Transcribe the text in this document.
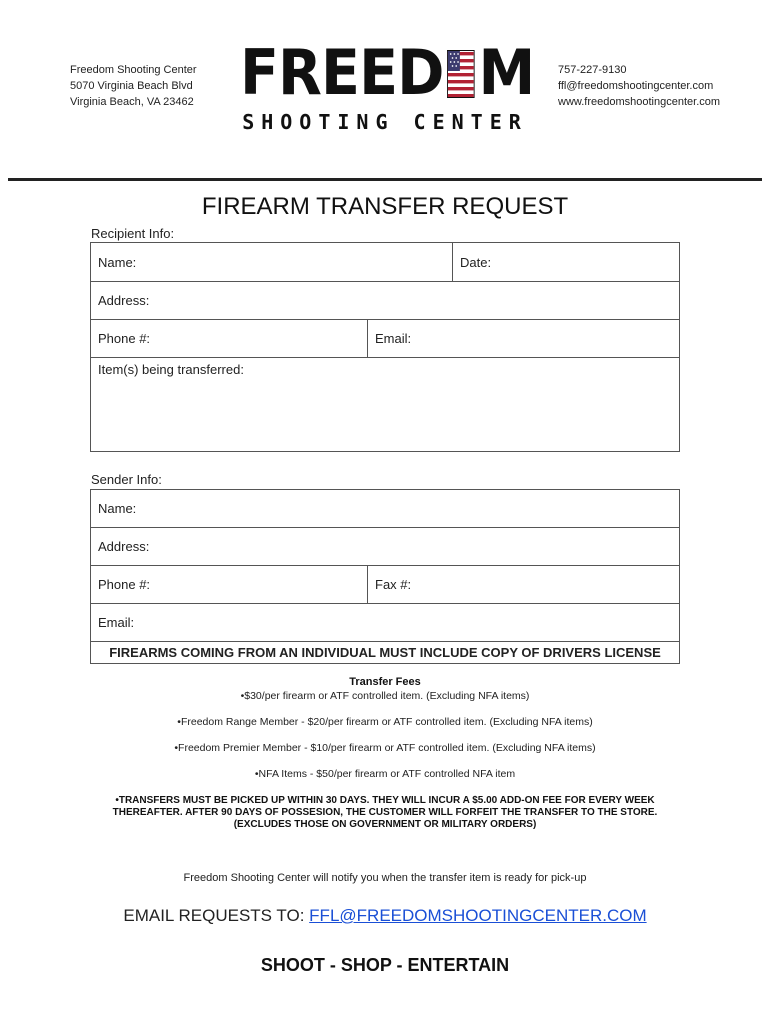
Freedom Shooting Center
5070 Virginia Beach Blvd
Virginia Beach, VA 23462 FREED M
SHOOTING CENTER
757-227-9130
ffl@freedomshootingcenter.com
www.freedomshootingcenter.com
FIREARM TRANSFER REQUEST
Recipient Info:
Name:	Date:
Address:
Phone #:	Email:
Item(s) being transferred:
Sender Info:
Name:
Address:
Phone #:	Fax #:
Email:
FIREARMS COMING FROM AN INDIVIDUAL MUST INCLUDE COPY OF DRIVERS LICENSE
Transfer Fees
•$30/per firearm or ATF controlled item. (Excluding NFA items)
•Freedom Range Member - $20/per firearm or ATF controlled item. (Excluding NFA items)
•Freedom Premier Member - $10/per firearm or ATF controlled item. (Excluding NFA items)
•NFA Items - $50/per firearm or ATF controlled NFA item
•TRANSFERS MUST BE PICKED UP WITHIN 30 DAYS. THEY WILL INCUR A $5.00 ADD-ON FEE FOR EVERY WEEK
THEREAFTER. AFTER 90 DAYS OF POSSESION, THE CUSTOMER WILL FORFEIT THE TRANSFER TO THE STORE.
(EXCLUDES THOSE ON GOVERNMENT OR MILITARY ORDERS)
Freedom Shooting Center will notify you when the transfer item is ready for pick-up
EMAIL REQUESTS TO: FFL@FREEDOMSHOOTINGCENTER.COM
SHOOT - SHOP - ENTERTAIN
